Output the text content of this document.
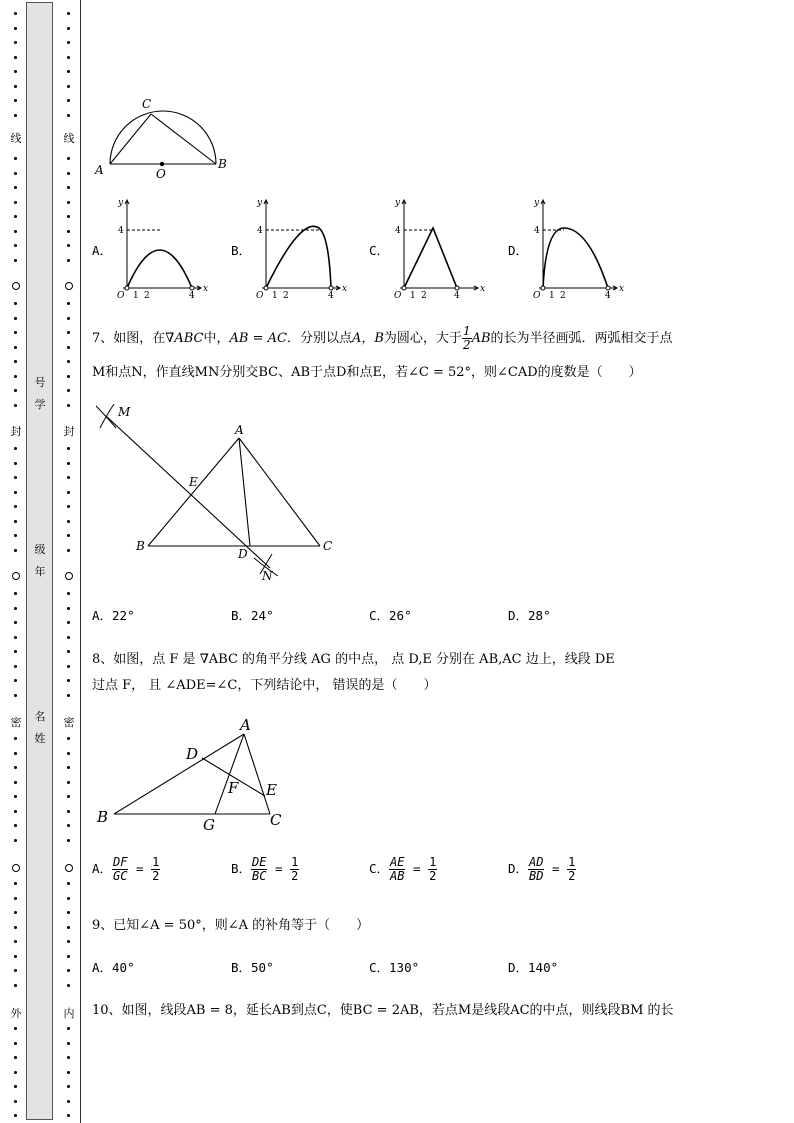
线
封
密
外
线
封
密
内
号
学
级
年
名
姓
C
A	O
B
A．
y
x
4
O 1 2	4
B．
y
x
4
O 1 2	4
C．
y
x
4
O 1 2	4
D．
y
x
4
O 1 2	4
7、如图，在∇ABC中，AB = AC．分别以点A，B为圆心，大于 $\frac{1}{2}$ AB的长为半径画弧．两弧相交于点
M和点N，作直线MN分别交BC、AB于点D和点E，若∠C = 52°，则∠CAD的度数是（　　）
M
A
E
B
D
C
N
A．22°	B．24°	C．26°	D．28°
8、如图，点 F 是 ∇ABC 的角平分线 AG 的中点， 点 D,E 分别在 AB,AC 边上，线段 DE
过点 F， 且 ∠ADE=∠C，下列结论中， 错误的是（　　）
A
D
F E
B	G	C
A． $\frac{DF}{GC} = \frac{1}{2}$	B． $\frac{DE}{BC} = \frac{1}{2}$	C． $\frac{AE}{AB} = \frac{1}{2}$	D． $\frac{AD}{BD} = \frac{1}{2}$
9、已知∠A = 50°，则∠A 的补角等于（　　）
A．40°	B．50°	C．130°	D．140°
10、如图，线段AB = 8，延长AB到点C，使BC = 2AB，若点M是线段AC的中点，则线段BM 的长
